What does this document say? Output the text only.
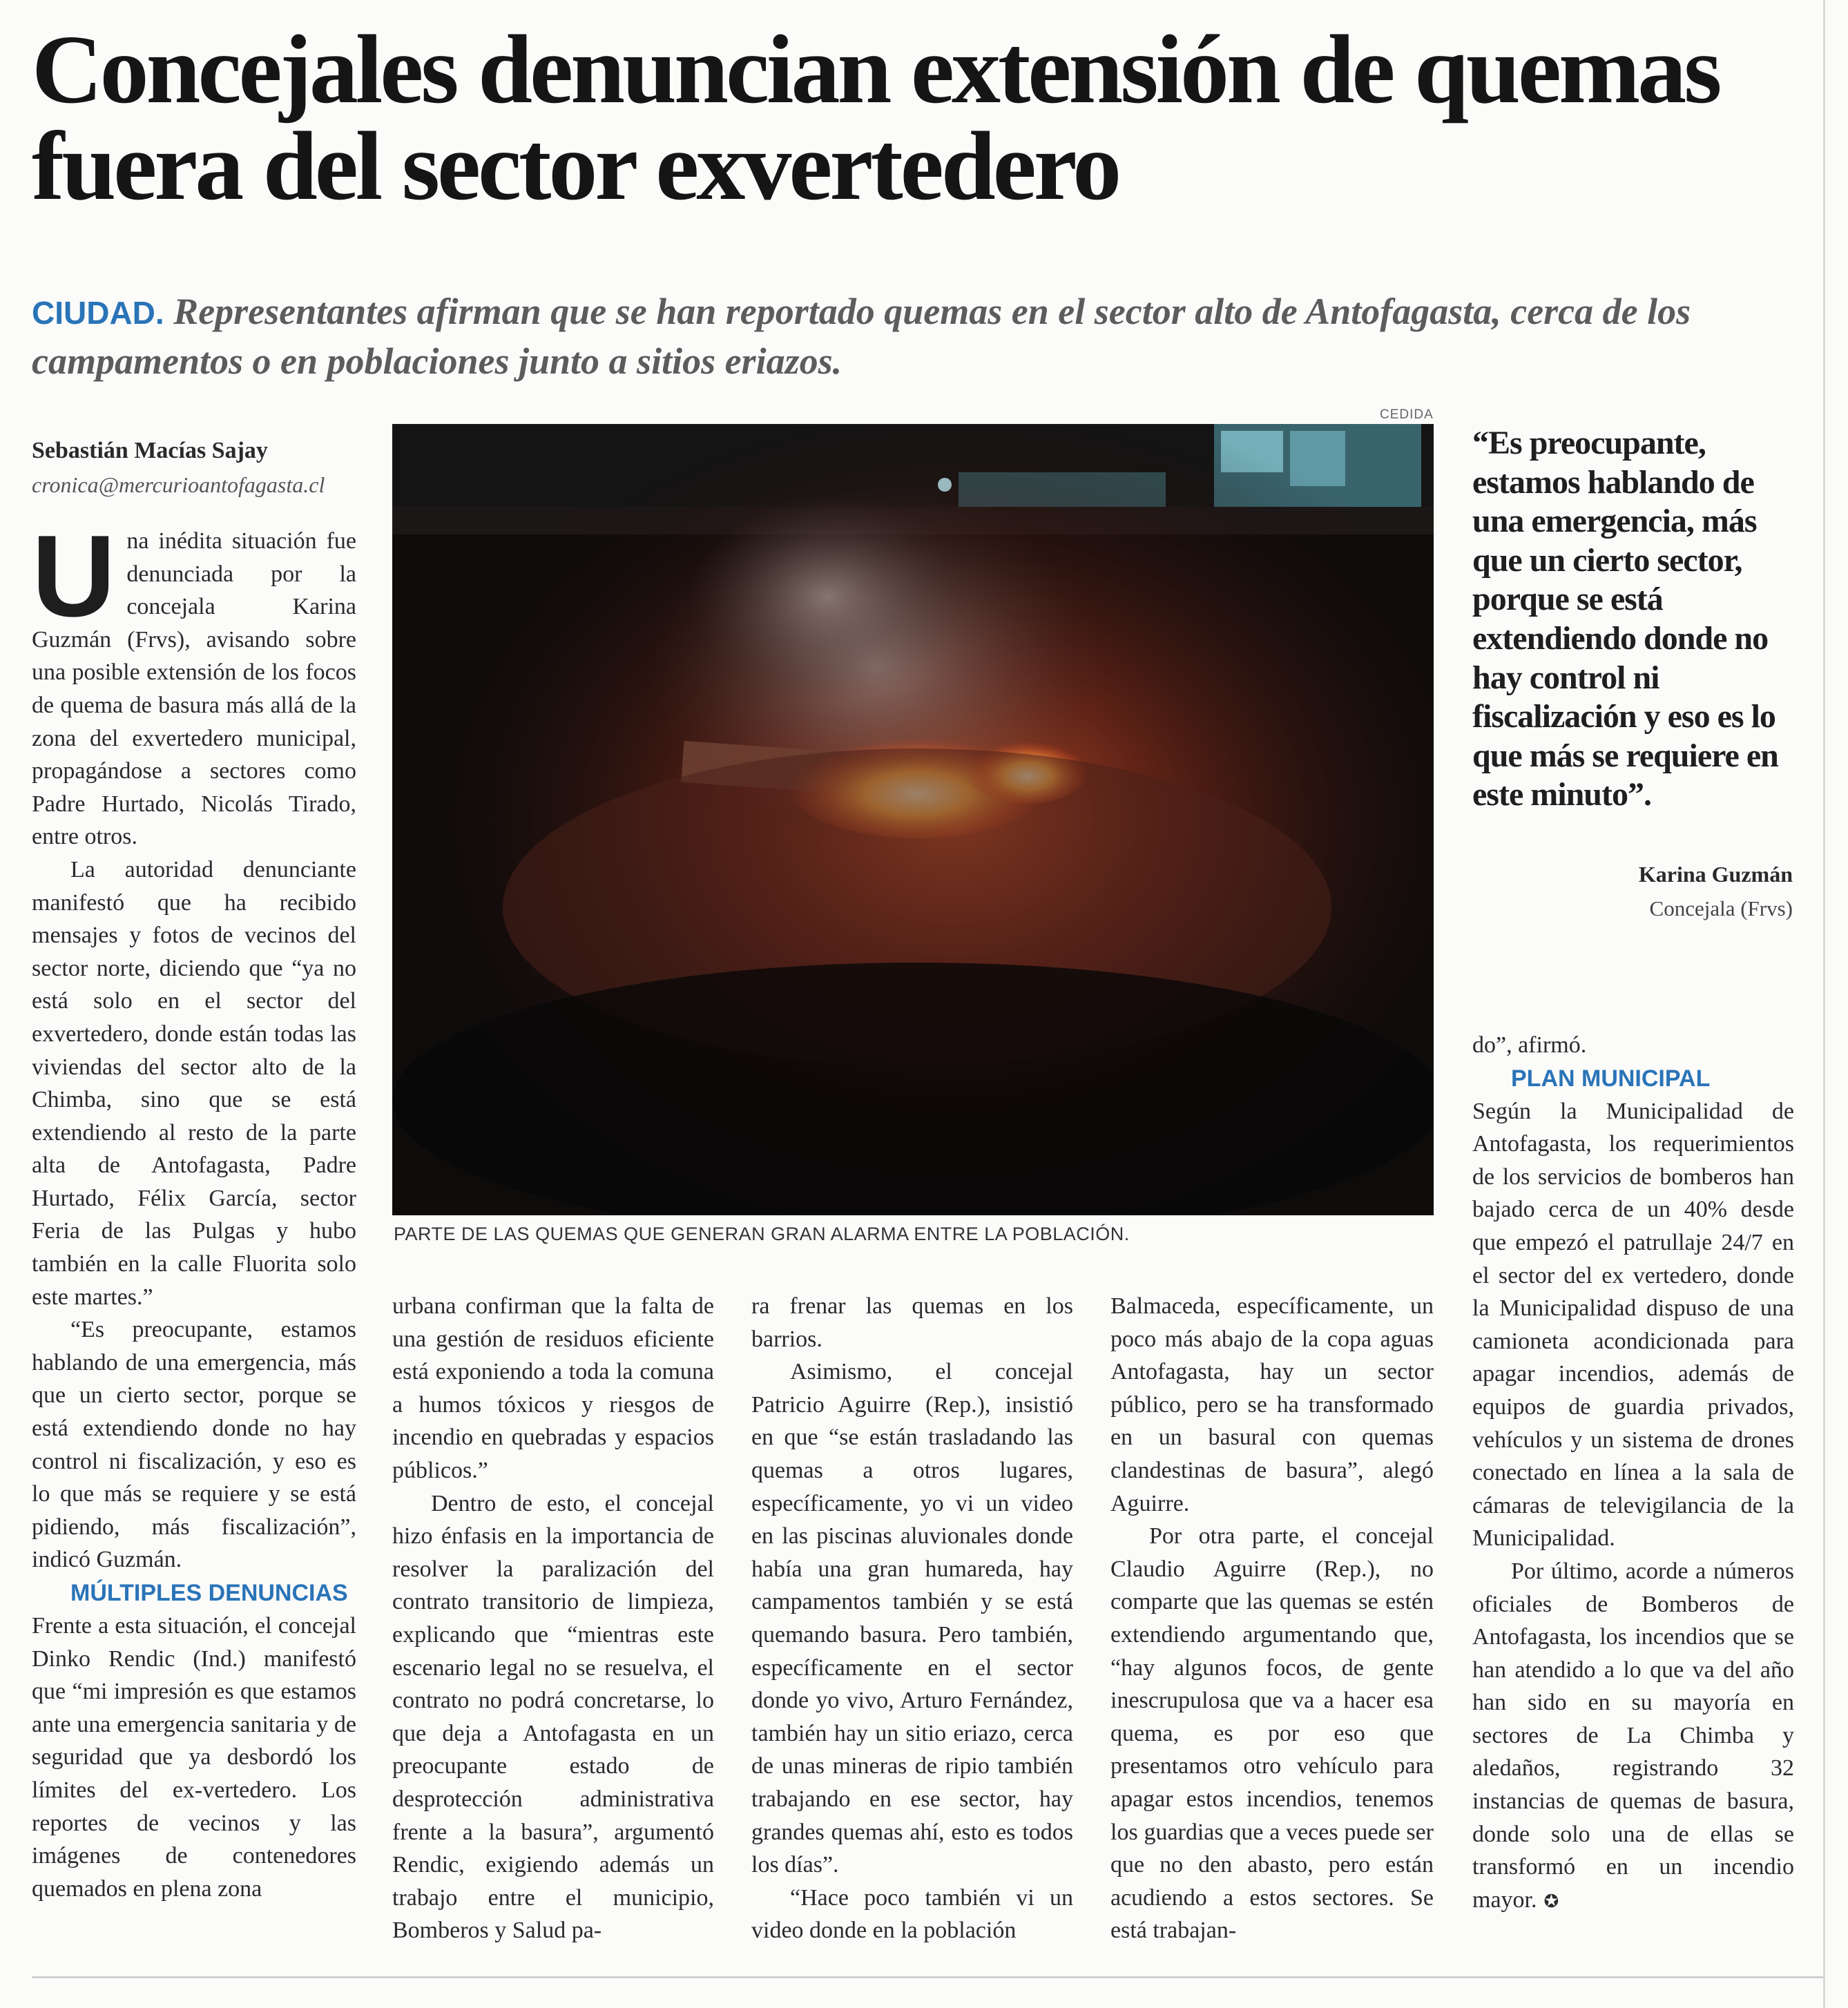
Concejales denuncian extensión de quemas fuera del sector exvertedero

CIUDAD. Representantes afirman que se han reportado quemas en el sector alto de Antofagasta, cerca de los campamentos o en poblaciones junto a sitios eriazos.

Sebastián Macías Sajay
cronica@mercurioantofagasta.cl

Una inédita situación fue denunciada por la concejala Karina Guzmán (Frvs), avisando sobre una posible extensión de los focos de quema de basura más allá de la zona del exvertedero municipal, propagándose a sectores como Padre Hurtado, Nicolás Tirado, entre otros.

La autoridad denunciante manifestó que ha recibido mensajes y fotos de vecinos del sector norte, diciendo que “ya no está solo en el sector del exvertedero, donde están todas las viviendas del sector alto de la Chimba, sino que se está extendiendo al resto de la parte alta de Antofagasta, Padre Hurtado, Félix García, sector Feria de las Pulgas y hubo también en la calle Fluorita solo este martes.”

“Es preocupante, estamos hablando de una emergencia, más que un cierto sector, porque se está extendiendo donde no hay control ni fiscalización, y eso es lo que más se requiere y se está pidiendo, más fiscalización”, indicó Guzmán.

MÚLTIPLES DENUNCIAS

Frente a esta situación, el concejal Dinko Rendic (Ind.) manifestó que “mi impresión es que estamos ante una emergencia sanitaria y de seguridad que ya desbordó los límites del ex-vertedero. Los reportes de vecinos y las imágenes de contenedores quemados en plena zona

CEDIDA
PARTE DE LAS QUEMAS QUE GENERAN GRAN ALARMA ENTRE LA POBLACIÓN.

“Es preocupante, estamos hablando de una emergencia, más que un cierto sector, porque se está extendiendo donde no hay control ni fiscalización y eso es lo que más se requiere en este minuto”.

Karina Guzmán
Concejala (Frvs)

urbana confirman que la falta de una gestión de residuos eficiente está exponiendo a toda la comuna a humos tóxicos y riesgos de incendio en quebradas y espacios públicos.”

Dentro de esto, el concejal hizo énfasis en la importancia de resolver la paralización del contrato transitorio de limpieza, explicando que “mientras este escenario legal no se resuelva, el contrato no podrá concretarse, lo que deja a Antofagasta en un preocupante estado de desprotección administrativa frente a la basura”, argumentó Rendic, exigiendo además un trabajo entre el municipio, Bomberos y Salud pa-

ra frenar las quemas en los barrios.

Asimismo, el concejal Patricio Aguirre (Rep.), insistió en que “se están trasladando las quemas a otros lugares, específicamente, yo vi un video en las piscinas aluvionales donde había una gran humareda, hay campamentos también y se está quemando basura. Pero también, específicamente en el sector donde yo vivo, Arturo Fernández, también hay un sitio eriazo, cerca de unas mineras de ripio también trabajando en ese sector, hay grandes quemas ahí, esto es todos los días”.

“Hace poco también vi un video donde en la población

Balmaceda, específicamente, un poco más abajo de la copa aguas Antofagasta, hay un sector público, pero se ha transformado en un basural con quemas clandestinas de basura”, alegó Aguirre.

Por otra parte, el concejal Claudio Aguirre (Rep.), no comparte que las quemas se estén extendiendo argumentando que, “hay algunos focos, de gente inescrupulosa que va a hacer esa quema, es por eso que presentamos otro vehículo para apagar estos incendios, tenemos los guardias que a veces puede ser que no den abasto, pero están acudiendo a estos sectores. Se está trabajan-

do”, afirmó.

PLAN MUNICIPAL

Según la Municipalidad de Antofagasta, los requerimientos de los servicios de bomberos han bajado cerca de un 40% desde que empezó el patrullaje 24/7 en el sector del ex vertedero, donde la Municipalidad dispuso de una camioneta acondicionada para apagar incendios, además de equipos de guardia privados, vehículos y un sistema de drones conectado en línea a la sala de cámaras de televigilancia de la Municipalidad.

Por último, acorde a números oficiales de Bomberos de Antofagasta, los incendios que se han atendido a lo que va del año han sido en su mayoría en sectores de La Chimba y aledaños, registrando 32 instancias de quemas de basura, donde solo una de ellas se transformó en un incendio mayor. ✪
